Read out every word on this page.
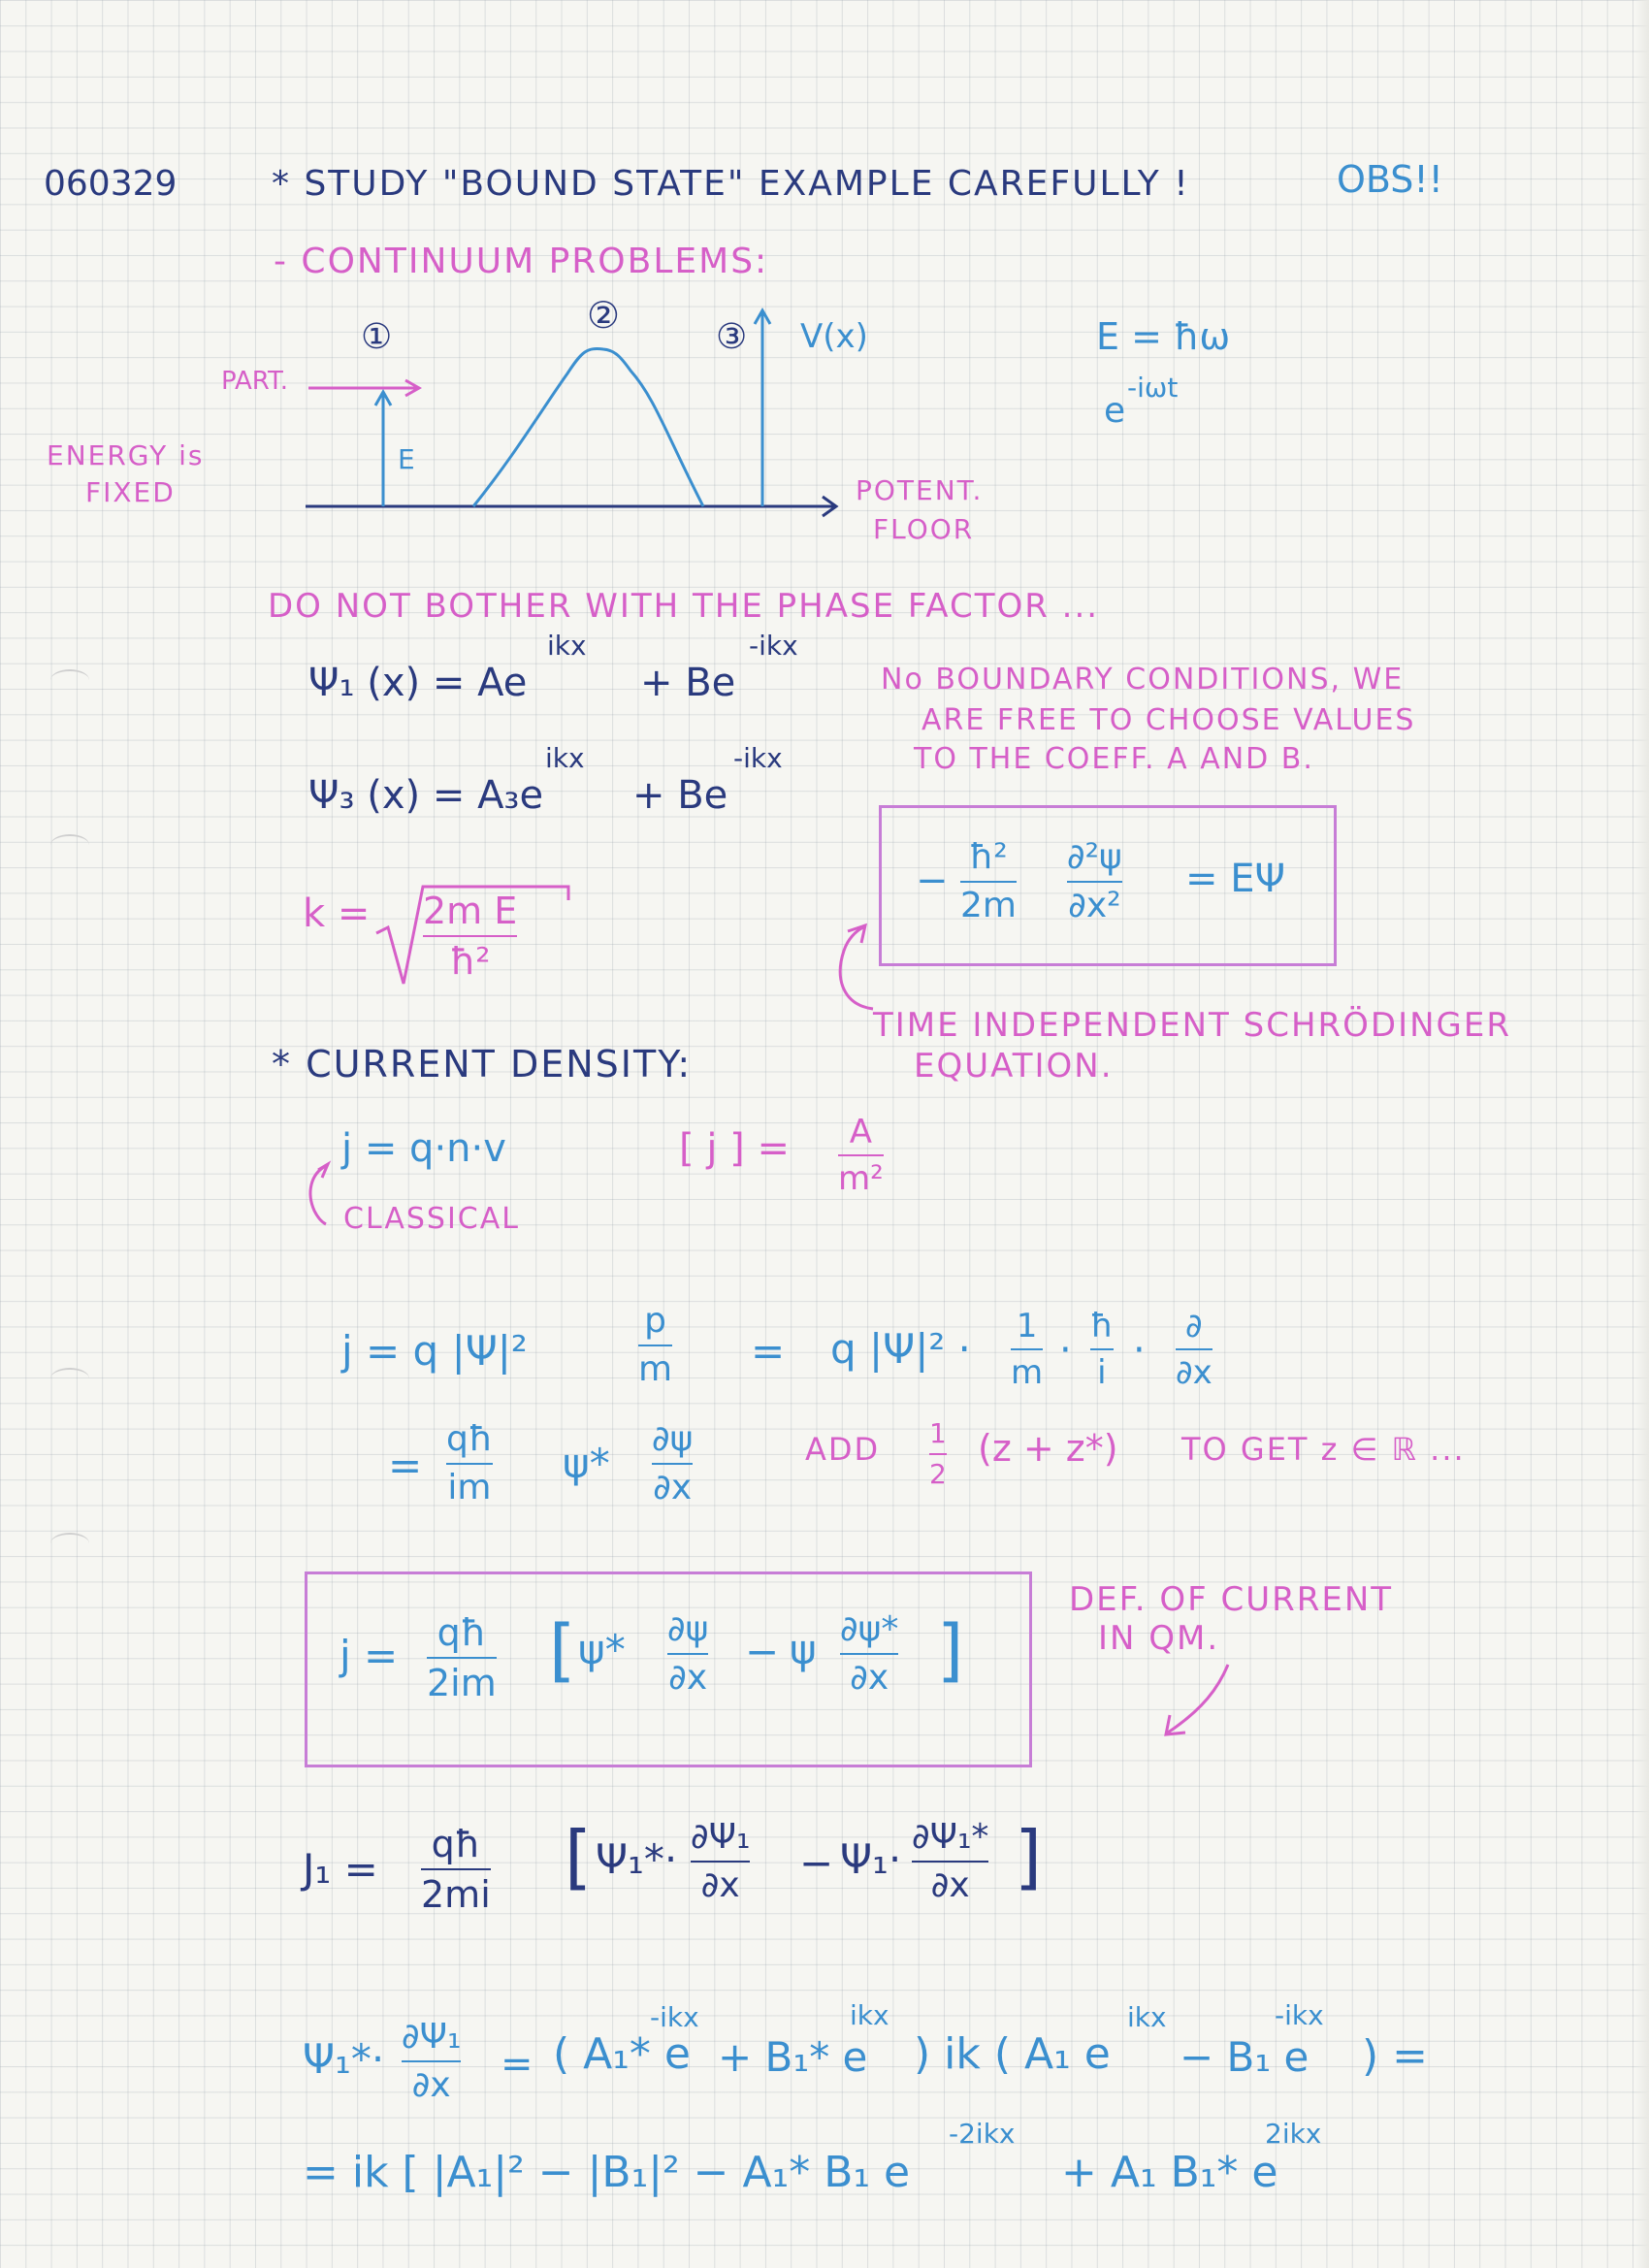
060329	* STUDY "BOUND STATE" EXAMPLE CAREFULLY !	OBS!!
- CONTINUUM PROBLEMS:
①
②
③ V(x)
PART.
E
ENERGY is
FIXED	POTENT.
FLOOR
E = ħω
e
-iωt
DO NOT BOTHER WITH THE PHASE FACTOR ...
Ψ₁ (x) = Ae
ikx
+ Be
-ikx
Ψ₃ (x) = A₃e
ikx
+ Be
-ikx
No BOUNDARY CONDITIONS, WE
ARE FREE TO CHOOSE VALUES
TO THE COEFF. A AND B.
k = 2m E
ħ²
−
ħ²
2m
∂²ψ
∂x²
= EΨ
TIME INDEPENDENT SCHRÖDINGER
EQUATION.
* CURRENT DENSITY:
j = q·n·v	[ j ] = A
m²
CLASSICAL
j = q |Ψ|²
p
m = q |Ψ|² · 1
m ·
ħ
i ·
∂
∂x
=
qħ
im
ψ*
∂ψ
∂x
ADD 1
2
(z + z*) TO GET z ∈ ℝ ...
j = qħ
2im [ ψ* ∂ψ
∂x
− ψ ∂ψ*
∂x ]
DEF. OF CURRENT
IN QM.
J₁ =
qħ
2mi [ Ψ₁*· ∂Ψ₁
∂x − Ψ₁· ∂Ψ₁*
∂x ]
Ψ₁*· ∂Ψ₁
∂x = ( A₁* e
-ikx
+ B₁* e
ikx
) ik ( A₁ e
ikx
− B₁ e
-ikx
) =
= ik [ |A₁|² − |B₁|² − A₁* B₁ e
-2ikx
+ A₁ B₁* e
2ikx
